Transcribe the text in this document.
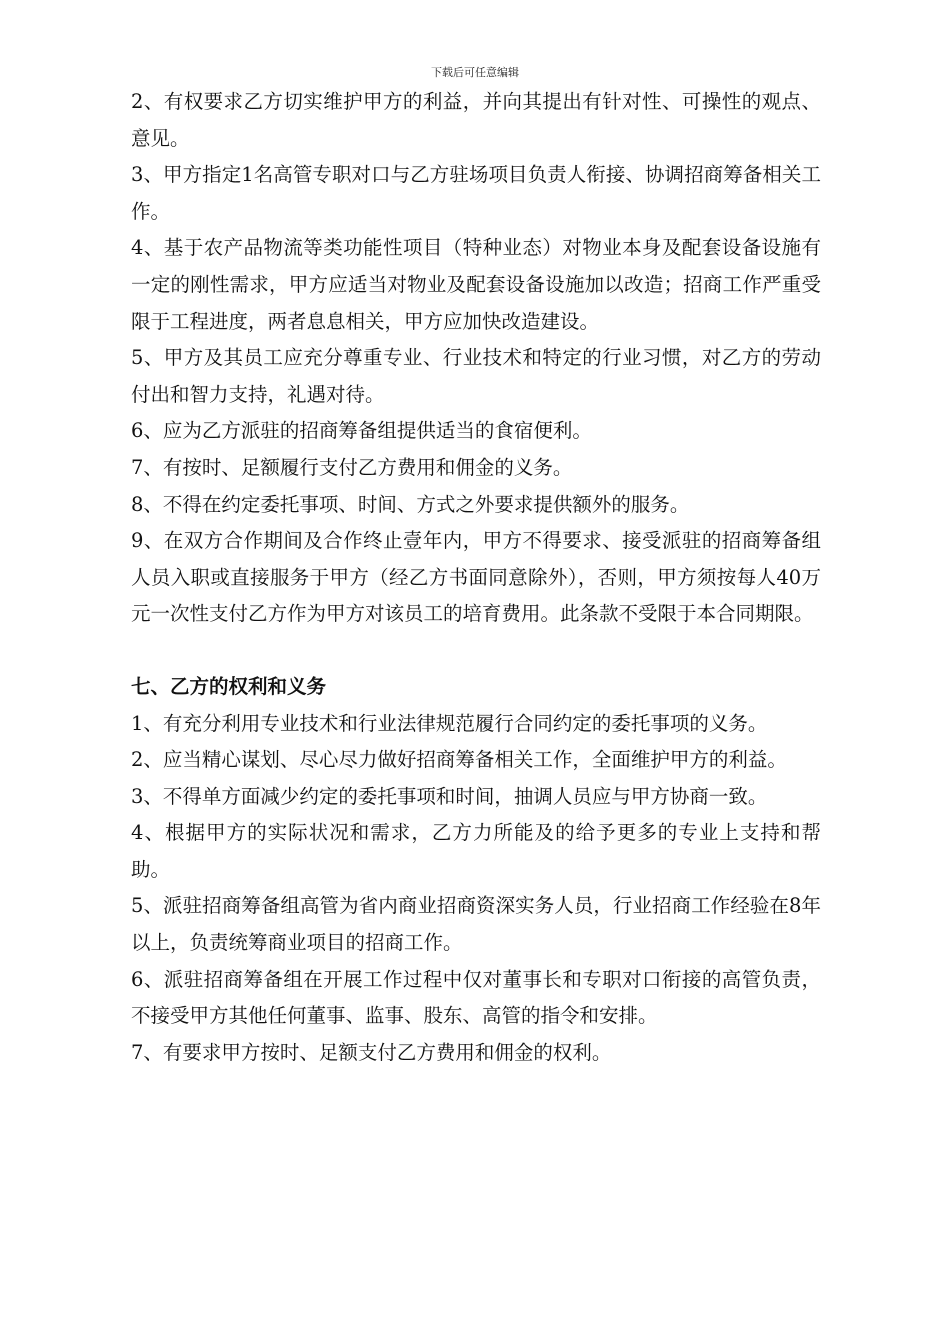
下载后可任意编辑

2、有权要求乙方切实维护甲方的利益，并向其提出有针对性、可操性的观点、意见。

3、甲方指定1名高管专职对口与乙方驻场项目负责人衔接、协调招商筹备相关工作。

4、基于农产品物流等类功能性项目（特种业态）对物业本身及配套设备设施有一定的刚性需求，甲方应适当对物业及配套设备设施加以改造；招商工作严重受限于工程进度，两者息息相关，甲方应加快改造建设。

5、甲方及其员工应充分尊重专业、行业技术和特定的行业习惯，对乙方的劳动付出和智力支持，礼遇对待。

6、应为乙方派驻的招商筹备组提供适当的食宿便利。

7、有按时、足额履行支付乙方费用和佣金的义务。

8、不得在约定委托事项、时间、方式之外要求提供额外的服务。

9、在双方合作期间及合作终止壹年内，甲方不得要求、接受派驻的招商筹备组人员入职或直接服务于甲方（经乙方书面同意除外），否则，甲方须按每人40万元一次性支付乙方作为甲方对该员工的培育费用。此条款不受限于本合同期限。

七、乙方的权利和义务

1、有充分利用专业技术和行业法律规范履行合同约定的委托事项的义务。

2、应当精心谋划、尽心尽力做好招商筹备相关工作，全面维护甲方的利益。

3、不得单方面减少约定的委托事项和时间，抽调人员应与甲方协商一致。

4、根据甲方的实际状况和需求，乙方力所能及的给予更多的专业上支持和帮助。

5、派驻招商筹备组高管为省内商业招商资深实务人员，行业招商工作经验在8年以上，负责统筹商业项目的招商工作。

6、派驻招商筹备组在开展工作过程中仅对董事长和专职对口衔接的高管负责，不接受甲方其他任何董事、监事、股东、高管的指令和安排。

7、有要求甲方按时、足额支付乙方费用和佣金的权利。
